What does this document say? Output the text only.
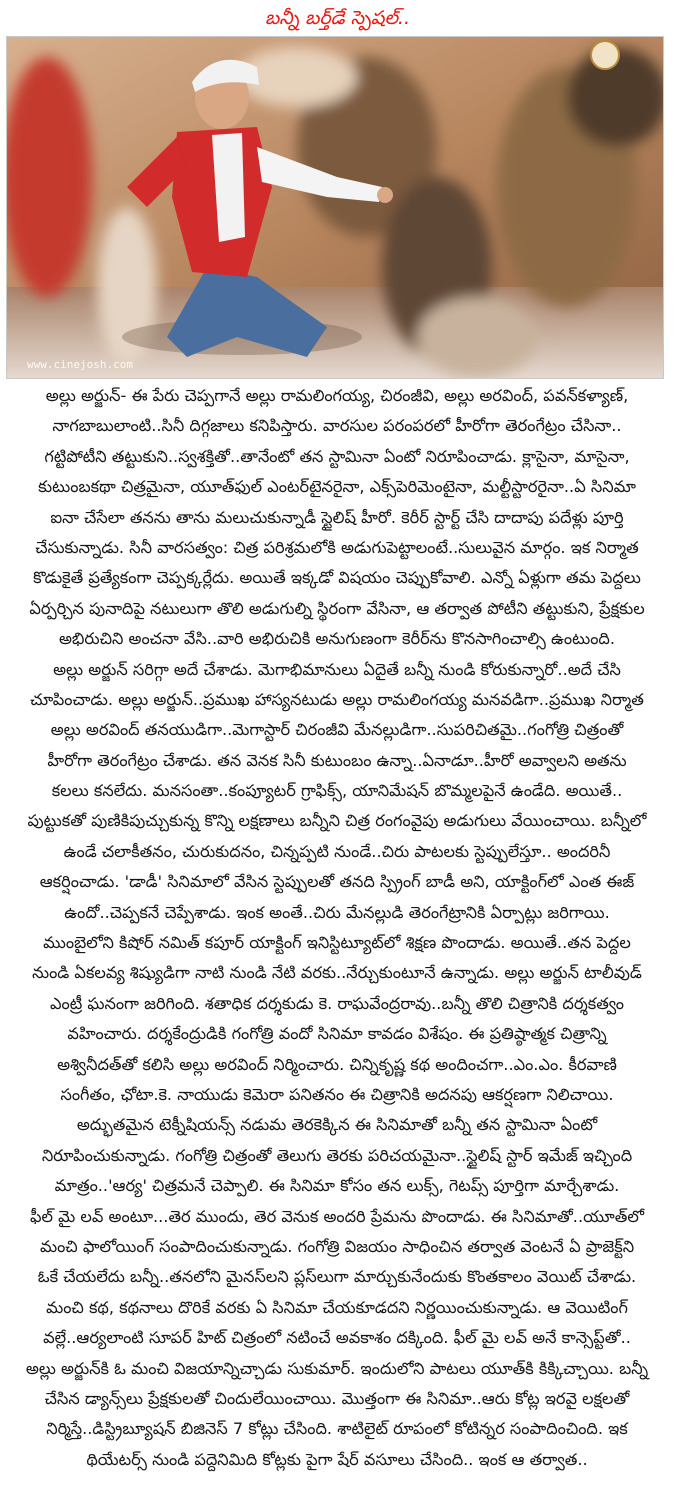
బన్నీ బర్త్‌డే స్పెషల్..
www.cinejosh.com
అల్లు అర్జున్- ఈ పేరు చెప్పగానే అల్లు రామలింగయ్య, చిరంజీవి, అల్లు అరవింద్, పవన్‌కళ్యాణ్,
నాగబాబులాంటి..సినీ దిగ్గజాలు కనిపిస్తారు. వారసుల పరంపరలో హీరోగా తెరంగేట్రం చేసినా..
గట్టిపోటీని తట్టుకుని..స్వశక్తితో..తానేంటో తన స్టామినా ఏంటో నిరూపించాడు. క్లాసైనా, మాసైనా,
కుటుంబకథా చిత్రమైనా, యూత్‌ఫుల్ ఎంటర్‌టైనరైనా, ఎక్స్‌పెరిమెంటైనా, మల్టీస్టారరైనా..ఏ సినిమా
ఐనా చేసేలా తనను తాను మలుచుకున్నాడీ స్టైలిష్ హీరో. కెరీర్ స్టార్ట్ చేసి దాదాపు పదేళ్లు పూర్తి
చేసుకున్నాడు. సినీ వారసత్వం: చిత్ర పరిశ్రమలోకి అడుగుపెట్టాలంటే..సులువైన మార్గం. ఇక నిర్మాత
కొడుకైతే ప్రత్యేకంగా చెప్పక్కర్లేదు. అయితే ఇక్కడో విషయం చెప్పుకోవాలి. ఎన్నో ఏళ్లుగా తమ పెద్దలు
ఏర్పర్చిన పునాదిపై నటులుగా తొలి అడుగుల్ని స్థిరంగా వేసినా, ఆ తర్వాత పోటీని తట్టుకుని, ప్రేక్షకుల
అభిరుచిని అంచనా వేసి..వారి అభిరుచికి అనుగుణంగా కెరీర్‌ను కొనసాగించాల్సి ఉంటుంది.
అల్లు అర్జున్ సరిగ్గా అదే చేశాడు. మెగాభిమానులు ఏదైతే బన్నీ నుండి కోరుకున్నారో..అదే చేసి
చూపించాడు. అల్లు అర్జున్..ప్రముఖ హాస్యనటుడు అల్లు రామలింగయ్య మనవడిగా..ప్రముఖ నిర్మాత
అల్లు అరవింద్ తనయుడిగా..మెగాస్టార్ చిరంజీవి మేనల్లుడిగా..సుపరిచితమై..గంగోత్రి చిత్రంతో
హీరోగా తెరంగేట్రం చేశాడు. తన వెనక సినీ కుటుంబం ఉన్నా..ఏనాడూ..హీరో అవ్వాలని అతను
కలలు కనలేదు. మనసంతా..కంప్యూటర్ గ్రాఫిక్స్, యానిమేషన్ బొమ్మలపైనే ఉండేది. అయితే..
పుట్టుకతో పుణికిపుచ్చుకున్న కొన్ని లక్షణాలు బన్నీని చిత్ర రంగంవైపు అడుగులు వేయించాయి. బన్నీలో
ఉండే చలాకీతనం, చురుకుదనం, చిన్నప్పటి నుండే..చిరు పాటలకు స్టెప్పులేస్తూ.. అందరినీ
ఆకర్షించాడు. 'డాడీ' సినిమాలో వేసిన స్టెప్పులతో తనది స్ప్రింగ్ బాడీ అని, యాక్టింగ్‌లో ఎంత ఈజ్
ఉందో..చెప్పకనే చెప్పేశాడు. ఇంక అంతే..చిరు మేనల్లుడి తెరంగేట్రానికి ఏర్పాట్లు జరిగాయి.
ముంబైలోని కిషోర్ నమిత్ కపూర్ యాక్టింగ్ ఇనిస్టిట్యూట్‌లో శిక్షణ పొందాడు. అయితే..తన పెద్దల
నుండి ఏకలవ్య శిష్యుడిగా నాటి నుండి నేటి వరకు..నేర్చుకుంటూనే ఉన్నాడు. అల్లు అర్జున్ టాలీవుడ్
ఎంట్రీ ఘనంగా జరిగింది. శతాధిక దర్శకుడు కె. రాఘవేంద్రరావు..బన్నీ తొలి చిత్రానికి దర్శకత్వం
వహించారు. దర్శకేంద్రుడికి గంగోత్రి వందో సినిమా కావడం విశేషం. ఈ ప్రతిష్ఠాత్మక చిత్రాన్ని
అశ్వినీదత్‌తో కలిసి అల్లు అరవింద్ నిర్మించారు. చిన్నికృష్ణ కథ అందించగా..ఎం.ఎం. కీరవాణి
సంగీతం, ఛోటా.కె. నాయుడు కెమెరా పనితనం ఈ చిత్రానికి అదనపు ఆకర్షణగా నిలిచాయి.
అద్భుతమైన టెక్నీషియన్స్ నడుమ తెరకెక్కిన ఈ సినిమాతో బన్నీ తన స్టామినా ఏంటో
నిరూపించుకున్నాడు. గంగోత్రి చిత్రంతో తెలుగు తెరకు పరిచయమైనా..స్టైలిష్ స్టార్ ఇమేజ్ ఇచ్చింది
మాత్రం..'ఆర్య' చిత్రమనే చెప్పాలి. ఈ సినిమా కోసం తన లుక్స్, గెటప్స్ పూర్తిగా మార్చేశాడు.
ఫీల్ మై లవ్ అంటూ...తెర ముందు, తెర వెనుక అందరి ప్రేమను పొందాడు. ఈ సినిమాతో..యూత్‌లో
మంచి ఫాలోయింగ్ సంపాదించుకున్నాడు. గంగోత్రి విజయం సాధించిన తర్వాత వెంటనే ఏ ప్రాజెక్ట్‌ని
ఓకే చేయలేదు బన్నీ..తనలోని మైనస్‌లని ప్లస్‌లుగా మార్చుకునేందుకు కొంతకాలం వెయిట్ చేశాడు.
మంచి కథ, కథనాలు దొరికే వరకు ఏ సినిమా చేయకూడదని నిర్ణయించుకున్నాడు. ఆ వెయిటింగ్
వల్లే..ఆర్యలాంటి సూపర్ హిట్ చిత్రంలో నటించే అవకాశం దక్కింది. ఫీల్ మై లవ్ అనే కాన్సెప్ట్‌తో..
అల్లు అర్జున్‌కి ఓ మంచి విజయాన్నిచ్చాడు సుకుమార్. ఇందులోని పాటలు యూత్‌కి కిక్కిచ్చాయి. బన్నీ
చేసిన డ్యాన్స్‌లు ప్రేక్షకులతో చిందులేయించాయి. మొత్తంగా ఈ సినిమా..ఆరు కోట్ల ఇరవై లక్షలతో
నిర్మిస్తే..డిస్ట్రిబ్యూషన్ బిజినెస్ 7 కోట్లు చేసింది. శాటిలైట్ రూపంలో కోటిన్నర సంపాదించింది. ఇక
థియేటర్స్ నుండి పద్దెనిమిది కోట్లకు పైగా షేర్ వసూలు చేసింది.. ఇంక ఆ తర్వాత..
